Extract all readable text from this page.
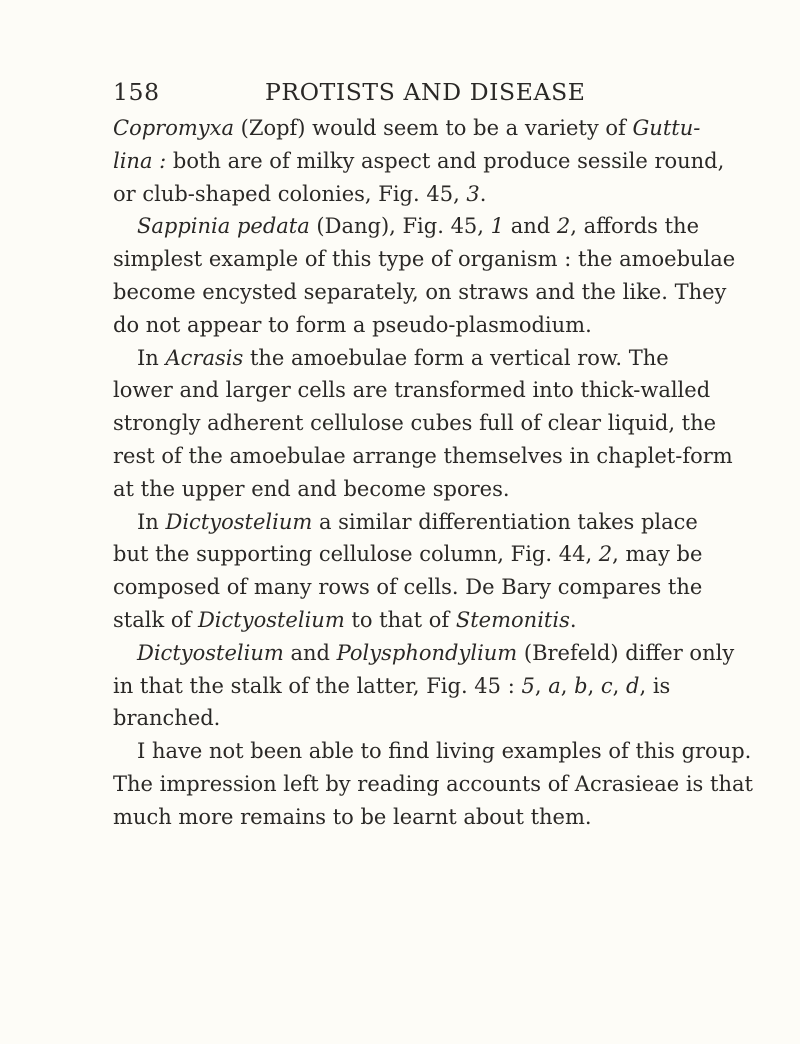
158	PROTISTS AND DISEASE
Copromyxa (Zopf) would seem to be a variety of Guttu-
lina : both are of milky aspect and produce sessile round,
or club-shaped colonies, Fig. 45, 3.
Sappinia pedata (Dang), Fig. 45, 1 and 2, affords the
simplest example of this type of organism : the amoebulae
become encysted separately, on straws and the like. They
do not appear to form a pseudo-plasmodium.
In Acrasis the amoebulae form a vertical row. The
lower and larger cells are transformed into thick-walled
strongly adherent cellulose cubes full of clear liquid, the
rest of the amoebulae arrange themselves in chaplet-form
at the upper end and become spores.
In Dictyostelium a similar differentiation takes place
but the supporting cellulose column, Fig. 44, 2, may be
composed of many rows of cells. De Bary compares the
stalk of Dictyostelium to that of Stemonitis.
Dictyostelium and Polysphondylium (Brefeld) differ only
in that the stalk of the latter, Fig. 45 : 5, a, b, c, d, is
branched.
I have not been able to find living examples of this group.
The impression left by reading accounts of Acrasieae is that
much more remains to be learnt about them.
